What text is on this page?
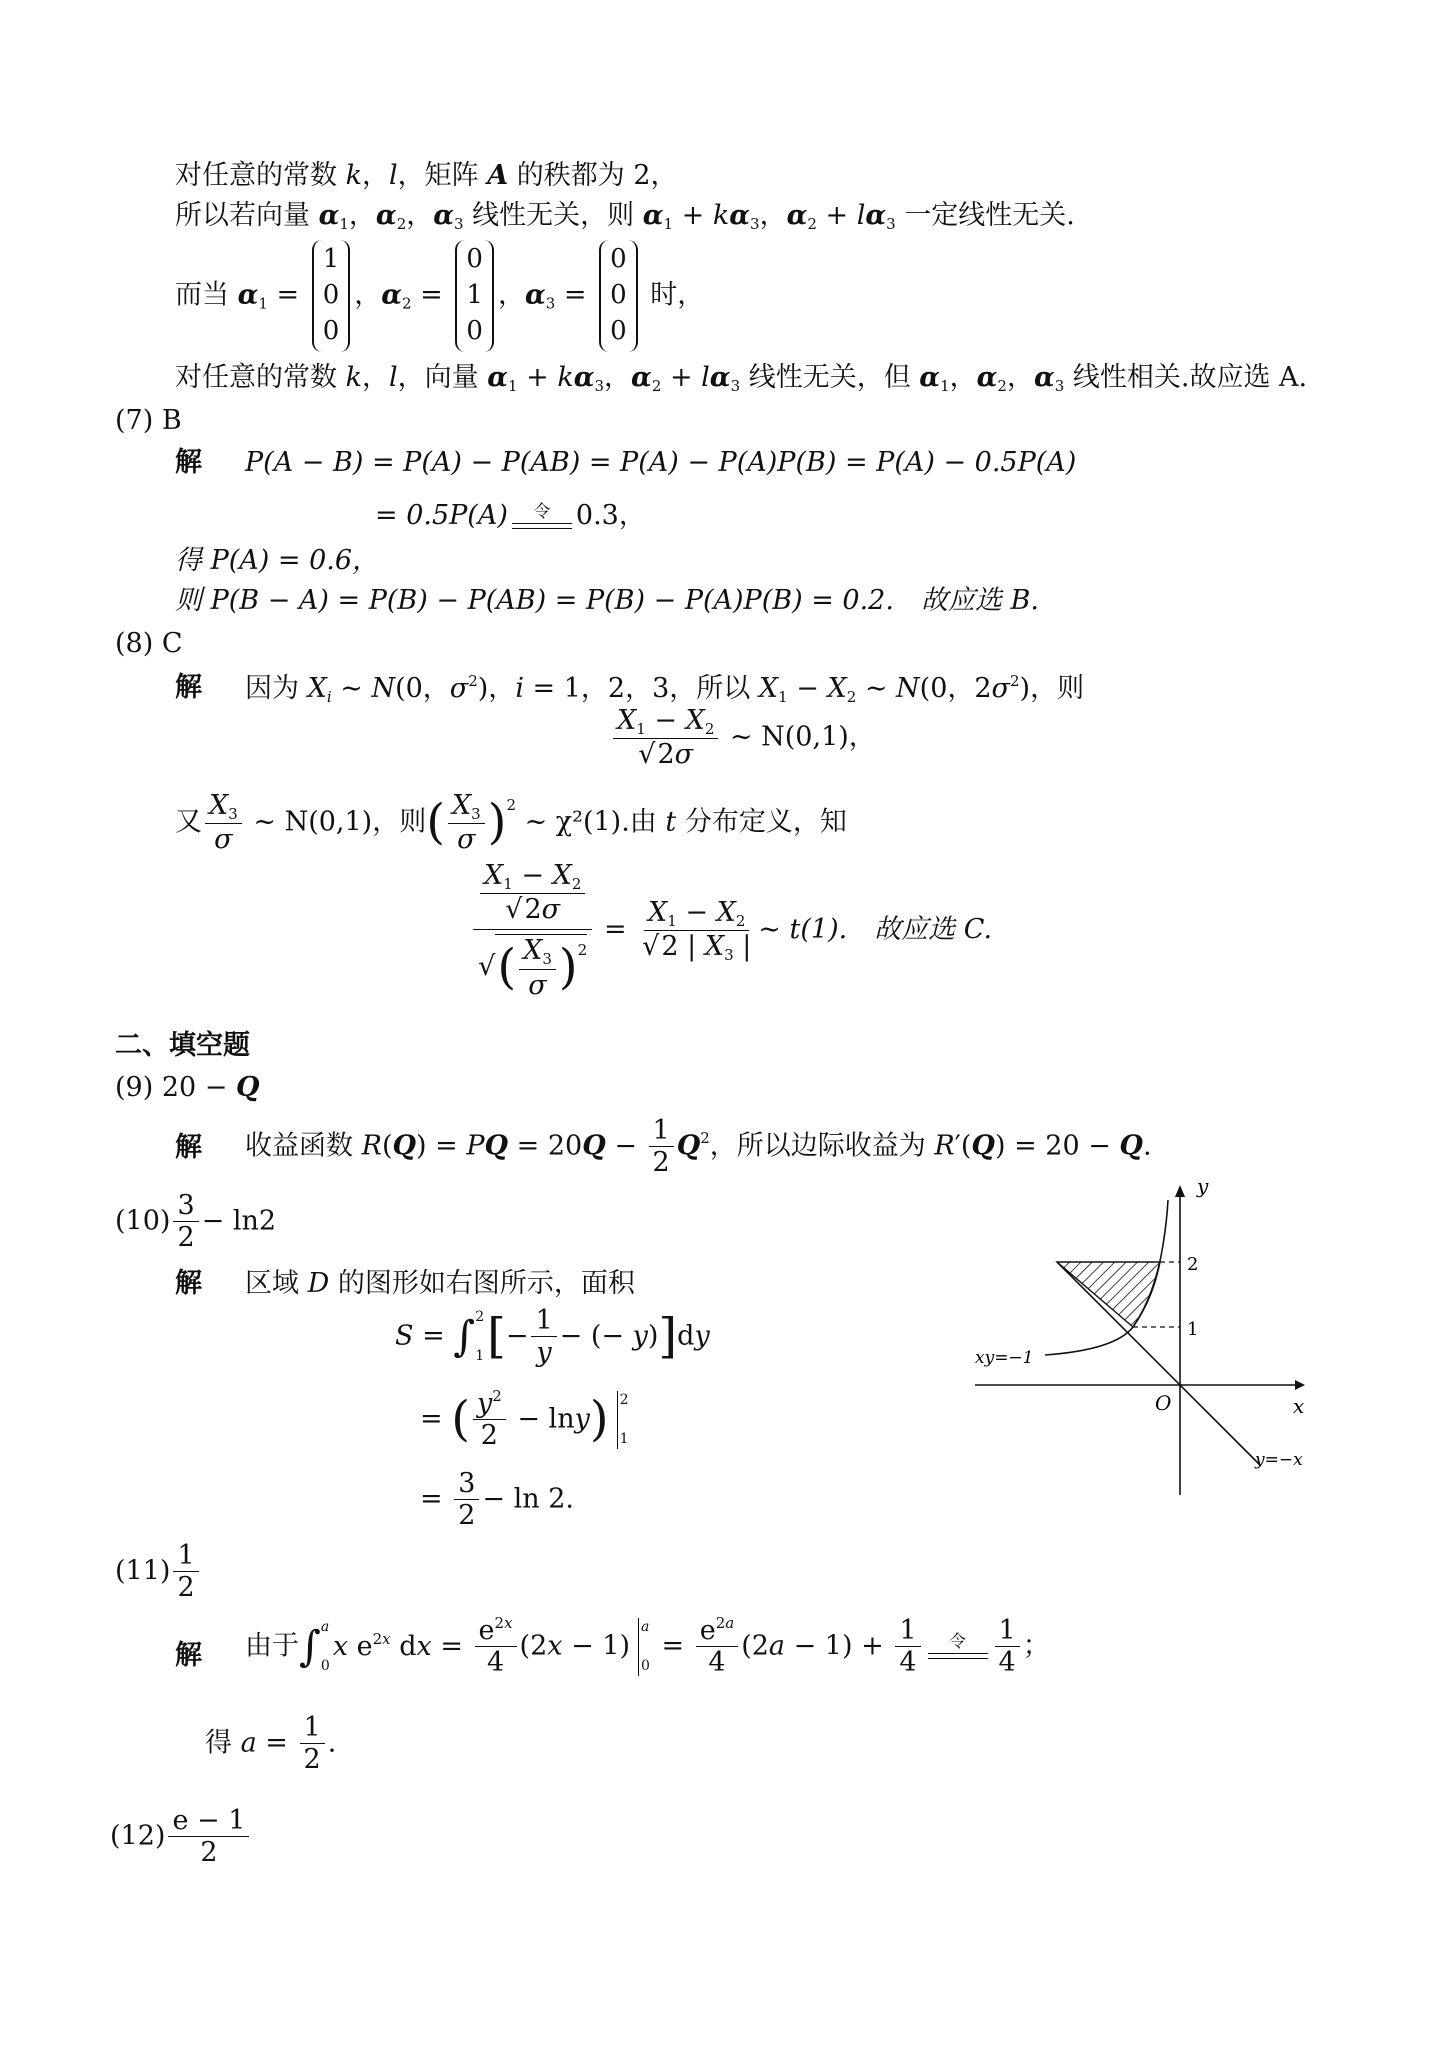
对任意的常数 k，l，矩阵 A 的秩都为 2，
所以若向量 $\alpha_1$，$\alpha_2$，$\alpha_3$ 线性无关，则 $\alpha_1 + k\alpha_3$，$\alpha_2 + l\alpha_3$ 一定线性无关.
而当 $\alpha_1$ =
1
0
0
，$\alpha_2$ =
0
1
0
，$\alpha_3$ =
0
0
0
时，
对任意的常数 k，l，向量 $\alpha_1 + k\alpha_3$，$\alpha_2 + l\alpha_3$ 线性无关，但 $\alpha_1$，$\alpha_2$，$\alpha_3$ 线性相关.故应选 A.
(7) B
解 P(A − B) = P(A) − P(AB) = P(A) − P(A)P(B) = P(A) − 0.5P(A)
= 0.5P(A) 令 0.3，
得 P(A) = 0.6，
则 P(B − A) = P(B) − P(AB) = P(B) − P(A)P(B) = 0.2.　故应选 B.
(8) C
解 因为 $X_i$ ∼ N(0，$\sigma^2$)，i = 1，2，3，所以 $X_1 - X_2$ ∼ N(0，$2\sigma^2$)，则
$\frac{X_1 - X_2}{√2\sigma}$ ∼ N(0,1)，
又 $\frac{X_3}{\sigma}$ ∼ N(0,1)，则( $\frac{X_3}{\sigma} )^2$ ∼ χ²(1).由 t 分布定义，知
$\frac{\frac{X_1 - X_2}{√2\sigma}}{√( \frac{X_3}{\sigma} )^2} = \frac{X_1 - X_2}{√2 | X_3 |}$ ∼ t(1).　故应选 C.
二、填空题
(9) 20 − Q
解 收益函数 R(Q) = PQ = $20Q - \frac{1}{2} Q^2$，所以边际收益为 R′(Q) = 20 − Q.
$(10) \frac{3}{2} - \ln 2$
解 区域 D 的图形如右图所示，面积
S = ∫ 2
1 [− $\frac{1}{y}$ − (− y)]dy
= ( $\frac{y^2}{2} - \ln y$) 2
1
= $\frac{3}{2} - \ln 2$.
y
x
O
2
1
xy=−1
y=−x
$(11) \frac{1}{2}$
解 由于∫ a
0
x $e^{2x}$ dx = $\frac{e^{2x}}{4} (2x - 1)$
a
0
= $\frac{e^{2a}}{4} (2a - 1) + \frac{1}{4}$ 令 $\frac{1}{4}$ ；
得 $a = \frac{1}{2}$ .
$(12) \frac{e - 1}{2}$
